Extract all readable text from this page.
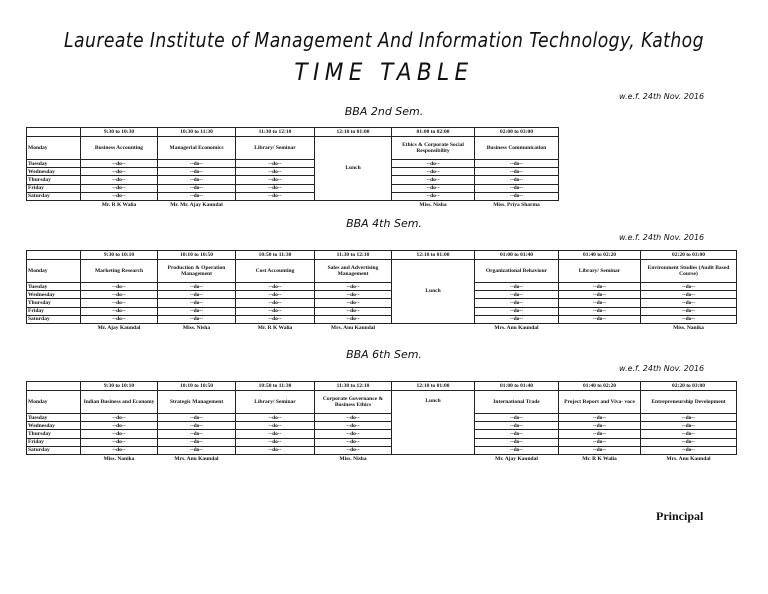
Laureate Institute of Management And Information Technology, Kathog
TIME TABLE
w.e.f. 24th Nov. 2016
BBA 2nd Sem.
	9:30 to 10:30	10:30 to 11:30	11:30 to 12:10	12:10 to 01:00	01:00 to 02:00	02:00 to 03:00	
Monday	Business Accounting	Managerial Economics	Library/ Seminar	Lunch	Ethics & Corporate Social Responsibility	Business Communication	
Tuesday	--do--	--do--	--do--		--do--	--do--	
Wednesday	--do--	--do--	--do--		--do--	--do--	
Thursday	--do--	--do--	--do--		--do--	--do--	
Friday	--do--	--do--	--do--		--do--	--do--	
Saturday	--do--	--do--	--do--		--do--	--do--	
	Mr. R K Walia	Mr. Mr. Ajay Kaundal			Miss. Nisha	Miss. Priya Sharma	
BBA 4th Sem.
w.e.f. 24th Nov. 2016
	9:30 to 10:10	10:10 to 10:50	10:50 to 11:30	11:30 to 12:10	12:10 to 01:00	01:00 to 01:40	01:40 to 02:20	02:20 to 03:00
Monday	Marketing Research	Production & Operation Management	Cost Accounting	Sales and Advertising Management	Lunch	Organizational Behaviour	Library/ Seminar	Environment Studies (Audit Based Course)
Tuesday	--do--	--do--	--do--	--do--		--do--	--do--	--do--
Wednesday	--do--	--do--	--do--	--do--		--do--	--do--	--do--
Thursday	--do--	--do--	--do--	--do--		--do--	--do--	--do--
Friday	--do--	--do--	--do--	--do--		--do--	--do--	--do--
Saturday	--do--	--do--	--do--	--do--		--do--	--do--	--do--
	Mr. Ajay Kaundal	Miss. Nisha	Mr. R K Walia	Mrs. Anu Kaundal		Mrs. Anu Kaundal		Miss. Nanika
BBA 6th Sem.
w.e.f. 24th Nov. 2016
	9:30 to 10:10	10:10 to 10:50	10:50 to 11:30	11:30 to 12:10	12:10 to 01:00	01:00 to 01:40	01:40 to 02:20	02:20 to 03:00
Monday	Indian Business and Economy	Strategic Management	Library/ Seminar	Corporate Governance & Business Ethics	Lunch	International Trade	Project Report and Viva- voce	Entrepreneurship Development
Tuesday	--do--	--do--	--do--	--do--		--do--	--do--	--do--
Wednesday	--do--	--do--	--do--	--do--		--do--	--do--	--do--
Thursday	--do--	--do--	--do--	--do--		--do--	--do--	--do--
Friday	--do--	--do--	--do--	--do--		--do--	--do--	--do--
Saturday	--do--	--do--	--do--	--do--		--do--	--do--	--do--
	Miss. Nanika	Mrs. Anu Kaundal		Miss. Nisha		Mr. Ajay Kaundal	Mr. R K Walia	Mrs. Anu Kaundal
Principal
